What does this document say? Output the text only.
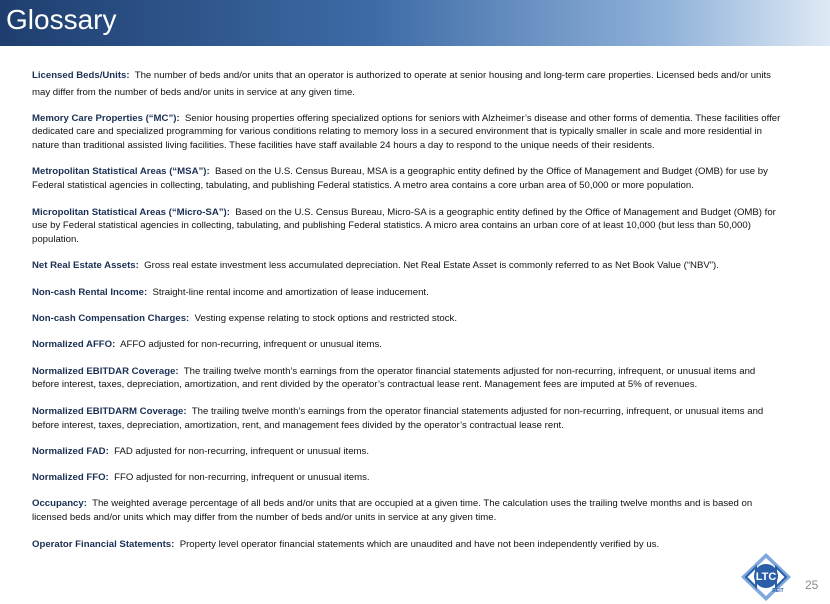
Glossary

Licensed Beds/Units: The number of beds and/or units that an operator is authorized to operate at senior housing and long-term care properties. Licensed beds and/or units may differ from the number of beds and/or units in service at any given time.

Memory Care Properties (“MC”): Senior housing properties offering specialized options for seniors with Alzheimer’s disease and other forms of dementia. These facilities offer dedicated care and specialized programming for various conditions relating to memory loss in a secured environment that is typically smaller in scale and more residential in nature than traditional assisted living facilities. These facilities have staff available 24 hours a day to respond to the unique needs of their residents.

Metropolitan Statistical Areas (“MSA”): Based on the U.S. Census Bureau, MSA is a geographic entity defined by the Office of Management and Budget (OMB) for use by Federal statistical agencies in collecting, tabulating, and publishing Federal statistics. A metro area contains a core urban area of 50,000 or more population.

Micropolitan Statistical Areas (“Micro-SA”):  Based on the U.S. Census Bureau, Micro-SA is a geographic entity defined by the Office of Management and Budget (OMB) for use by Federal statistical agencies in collecting, tabulating, and publishing Federal statistics. A micro area contains an urban core of at least 10,000 (but less than 50,000) population.

Net Real Estate Assets: Gross real estate investment less accumulated depreciation. Net Real Estate Asset is commonly referred to as Net Book Value (“NBV”).

Non-cash Rental Income: Straight-line rental income and amortization of lease inducement.

Non-cash Compensation Charges: Vesting expense relating to stock options and restricted stock.

Normalized AFFO: AFFO adjusted for non-recurring, infrequent or unusual items.

Normalized EBITDAR Coverage: The trailing twelve month’s earnings from the operator financial statements adjusted for non-recurring, infrequent, or unusual items and before interest, taxes, depreciation, amortization, and rent divided by the operator’s contractual lease rent. Management fees are imputed at 5% of revenues.

Normalized EBITDARM Coverage: The trailing twelve month’s earnings from the operator financial statements adjusted for non-recurring, infrequent, or unusual items and before interest, taxes, depreciation, amortization, rent, and management fees divided by the operator’s contractual lease rent.

Normalized FAD: FAD adjusted for non-recurring, infrequent or unusual items.

Normalized FFO: FFO adjusted for non-recurring, infrequent or unusual items.

Occupancy: The weighted average percentage of all beds and/or units that are occupied at a given time. The calculation uses the trailing twelve months and is based on licensed beds and/or units which may differ from the number of beds and/or units in service at any given time.

Operator Financial Statements: Property level operator financial statements which are unaudited and have not been independently verified by us.

LTC
REIT 25
